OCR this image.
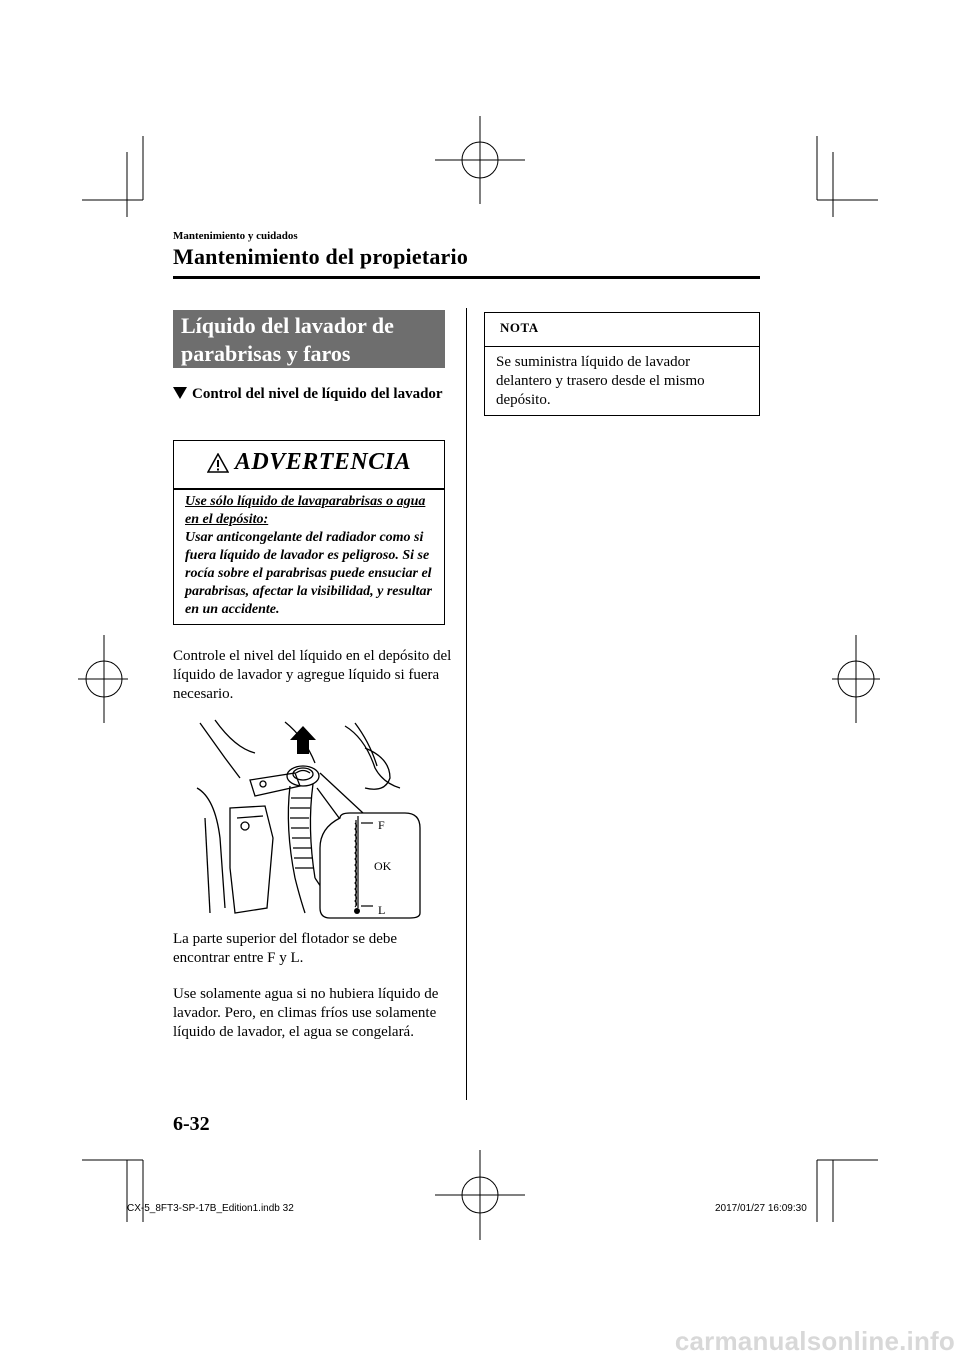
Mantenimiento y cuidados
Mantenimiento del propietario
Líquido del lavador de parabrisas y faros
Control del nivel de líquido del lavador
ADVERTENCIA
Use sólo líquido de lavaparabrisas o agua en el depósito:
Usar anticongelante del radiador como si fuera líquido de lavador es peligroso. Si se rocía sobre el parabrisas puede ensuciar el parabrisas, afectar la visibilidad, y resultar en un accidente.
Controle el nivel del líquido en el depósito del líquido de lavador y agregue líquido si fuera necesario.
F
OK
L
La parte superior del flotador se debe encontrar entre F y L.
Use solamente agua si no hubiera líquido de lavador. Pero, en climas fríos use solamente líquido de lavador, el agua se congelará.
NOTA
Se suministra líquido de lavador delantero y trasero desde el mismo depósito.
6-32
CX-5_8FT3-SP-17B_Edition1.indb 32	2017/01/27 16:09:30
carmanualsonline.info
